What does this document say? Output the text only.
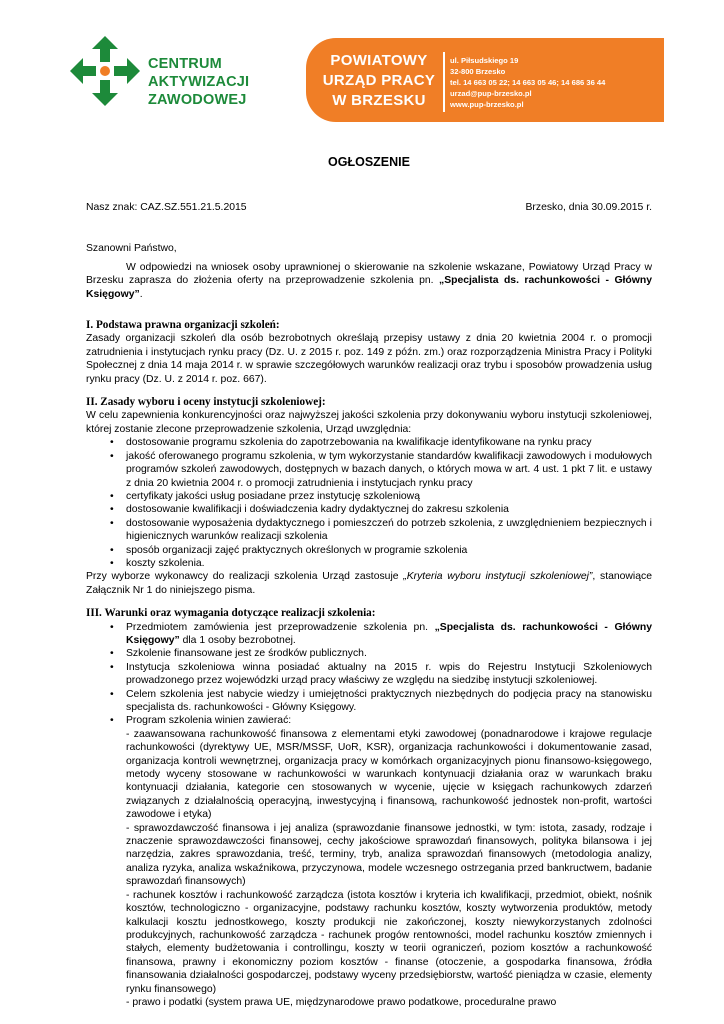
CENTRUM
AKTYWIZACJI
ZAWODOWEJ
POWIATOWY
URZĄD PRACY
W BRZESKU
ul. Piłsudskiego 19
32-800 Brzesko
tel. 14 663 05 22; 14 663 05 46; 14 686 36 44
urzad@pup-brzesko.pl
www.pup-brzesko.pl
OGŁOSZENIE
Nasz znak: CAZ.SZ.551.21.5.2015	Brzesko, dnia 30.09.2015 r.
Szanowni Państwo,
W odpowiedzi na wniosek osoby uprawnionej o skierowanie na szkolenie wskazane, Powiatowy Urząd Pracy w Brzesku zaprasza do złożenia oferty na przeprowadzenie szkolenia pn. „Specjalista ds. rachunkowości - Główny Księgowy”.
I. Podstawa prawna organizacji szkoleń:
Zasady organizacji szkoleń dla osób bezrobotnych określają przepisy ustawy z dnia 20 kwietnia 2004 r. o promocji zatrudnienia i instytucjach rynku pracy (Dz. U. z 2015 r. poz. 149 z późn. zm.) oraz rozporządzenia Ministra Pracy i Polityki Społecznej z dnia 14 maja 2014 r. w sprawie szczegółowych warunków realizacji oraz trybu i sposobów prowadzenia usług rynku pracy (Dz. U. z 2014 r. poz. 667).
II. Zasady wyboru i oceny instytucji szkoleniowej:
W celu zapewnienia konkurencyjności oraz najwyższej jakości szkolenia przy dokonywaniu wyboru instytucji szkoleniowej, której zostanie zlecone przeprowadzenie szkolenia, Urząd uwzględnia:
• dostosowanie programu szkolenia do zapotrzebowania na kwalifikacje identyfikowane na rynku pracy
• jakość oferowanego programu szkolenia, w tym wykorzystanie standardów kwalifikacji zawodowych i modułowych programów szkoleń zawodowych, dostępnych w bazach danych, o których mowa w art. 4 ust. 1 pkt 7 lit. e ustawy z dnia 20 kwietnia 2004 r. o promocji zatrudnienia i instytucjach rynku pracy
• certyfikaty jakości usług posiadane przez instytucję szkoleniową
• dostosowanie kwalifikacji i doświadczenia kadry dydaktycznej do zakresu szkolenia
• dostosowanie wyposażenia dydaktycznego i pomieszczeń do potrzeb szkolenia, z uwzględnieniem bezpiecznych i higienicznych warunków realizacji szkolenia
• sposób organizacji zajęć praktycznych określonych w programie szkolenia
• koszty szkolenia.
Przy wyborze wykonawcy do realizacji szkolenia Urząd zastosuje „Kryteria wyboru instytucji szkoleniowej”, stanowiące Załącznik Nr 1 do niniejszego pisma.
III. Warunki oraz wymagania dotyczące realizacji szkolenia:
• Przedmiotem zamówienia jest przeprowadzenie szkolenia pn. „Specjalista ds. rachunkowości - Główny Księgowy” dla 1 osoby bezrobotnej.
• Szkolenie finansowane jest ze środków publicznych.
• Instytucja szkoleniowa winna posiadać aktualny na 2015 r. wpis do Rejestru Instytucji Szkoleniowych prowadzonego przez wojewódzki urząd pracy właściwy ze względu na siedzibę instytucji szkoleniowej.
• Celem szkolenia jest nabycie wiedzy i umiejętności praktycznych niezbędnych do podjęcia pracy na stanowisku specjalista ds. rachunkowości - Główny Księgowy.
• Program szkolenia winien zawierać:
- zaawansowana rachunkowość finansowa z elementami etyki zawodowej (ponadnarodowe i krajowe regulacje rachunkowości (dyrektywy UE, MSR/MSSF, UoR, KSR), organizacja rachunkowości i dokumentowanie zasad, organizacja kontroli wewnętrznej, organizacja pracy w komórkach organizacyjnych pionu finansowo-księgowego, metody wyceny stosowane w rachunkowości w warunkach kontynuacji działania oraz w warunkach braku kontynuacji działania, kategorie cen stosowanych w wycenie, ujęcie w księgach rachunkowych zdarzeń związanych z działalnością operacyjną, inwestycyjną i finansową, rachunkowość jednostek non-profit, wartości zawodowe i etyka)
- sprawozdawczość finansowa i jej analiza (sprawozdanie finansowe jednostki, w tym: istota, zasady, rodzaje i znaczenie sprawozdawczości finansowej, cechy jakościowe sprawozdań finansowych, polityka bilansowa i jej narzędzia, zakres sprawozdania, treść, terminy, tryb, analiza sprawozdań finansowych (metodologia analizy, analiza ryzyka, analiza wskaźnikowa, przyczynowa, modele wczesnego ostrzegania przed bankructwem, badanie sprawozdań finansowych)
- rachunek kosztów i rachunkowość zarządcza (istota kosztów i kryteria ich kwalifikacji, przedmiot, obiekt, nośnik kosztów, technologiczno - organizacyjne, podstawy rachunku kosztów, koszty wytworzenia produktów, metody kalkulacji kosztu jednostkowego, koszty produkcji nie zakończonej, koszty niewykorzystanych zdolności produkcyjnych, rachunkowość zarządcza - rachunek progów rentowności, model rachunku kosztów zmiennych i stałych, elementy budżetowania i controllingu, koszty w teorii ograniczeń, poziom kosztów a rachunkowość finansowa, prawny i ekonomiczny poziom kosztów - finanse (otoczenie, a gospodarka finansowa, źródła finansowania działalności gospodarczej, podstawy wyceny przedsiębiorstw, wartość pieniądza w czasie, elementy rynku finansowego)
- prawo i podatki (system prawa UE, międzynarodowe prawo podatkowe, proceduralne prawo
